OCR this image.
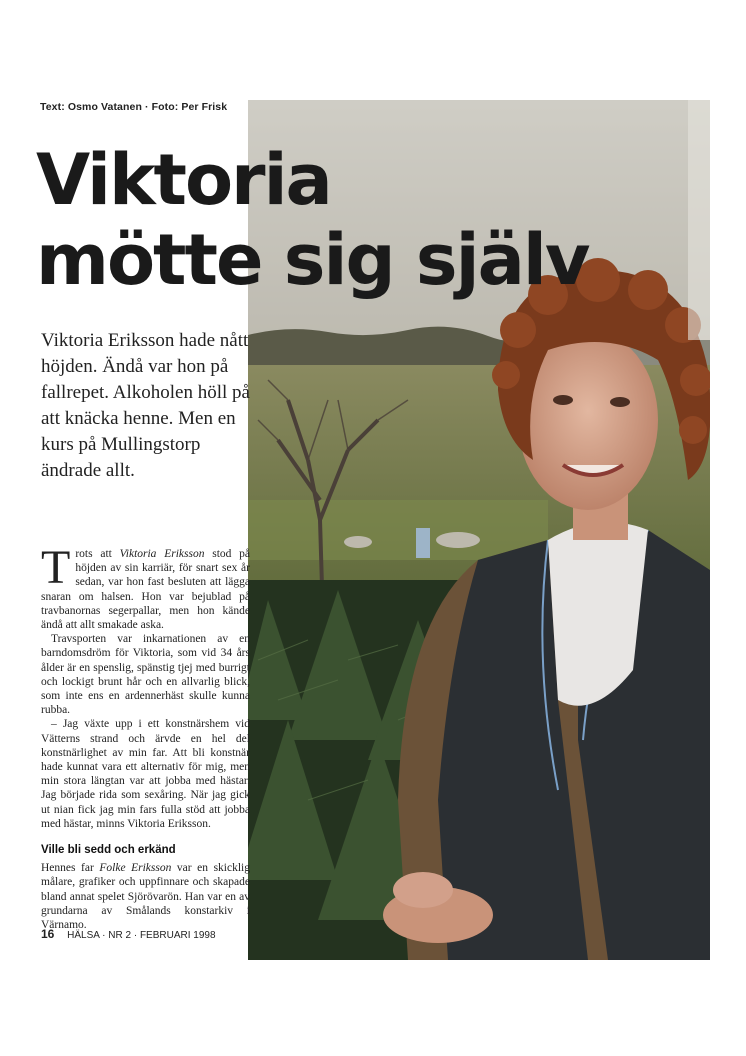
Text: Osmo Vatanen · Foto: Per Frisk
Viktoria
mötte sig själv
Viktoria Eriksson hade nått höjden. Ändå var hon på fallrepet. Alkoholen höll på att knäcka henne. Men en kurs på Mullingstorp ändrade allt.

Trots att Viktoria Eriksson stod på höjden av sin karriär, för snart sex år sedan, var hon fast besluten att lägga snaran om halsen. Hon var bejublad på travbanornas segerpallar, men hon kände ändå att allt smakade aska.

Travsporten var inkarnationen av en barndomsdröm för Viktoria, som vid 34 års ålder är en spenslig, spänstig tjej med burrigt och lockigt brunt hår och en allvarlig blick, som inte ens en ardennerhäst skulle kunna rubba.

– Jag växte upp i ett konstnärshem vid Vätterns strand och ärvde en hel del konstnärlighet av min far. Att bli konstnär hade kunnat vara ett alternativ för mig, men min stora längtan var att jobba med hästar. Jag började rida som sexåring. När jag gick ut nian fick jag min fars fulla stöd att jobba med hästar, minns Viktoria Eriksson.

Ville bli sedd och erkänd

Hennes far Folke Eriksson var en skicklig målare, grafiker och uppfinnare och skapade bland annat spelet Sjörövarön. Han var en av grundarna av Smålands konstarkiv i Värnamo.

16 HÄLSA · NR 2 · FEBRUARI 1998
